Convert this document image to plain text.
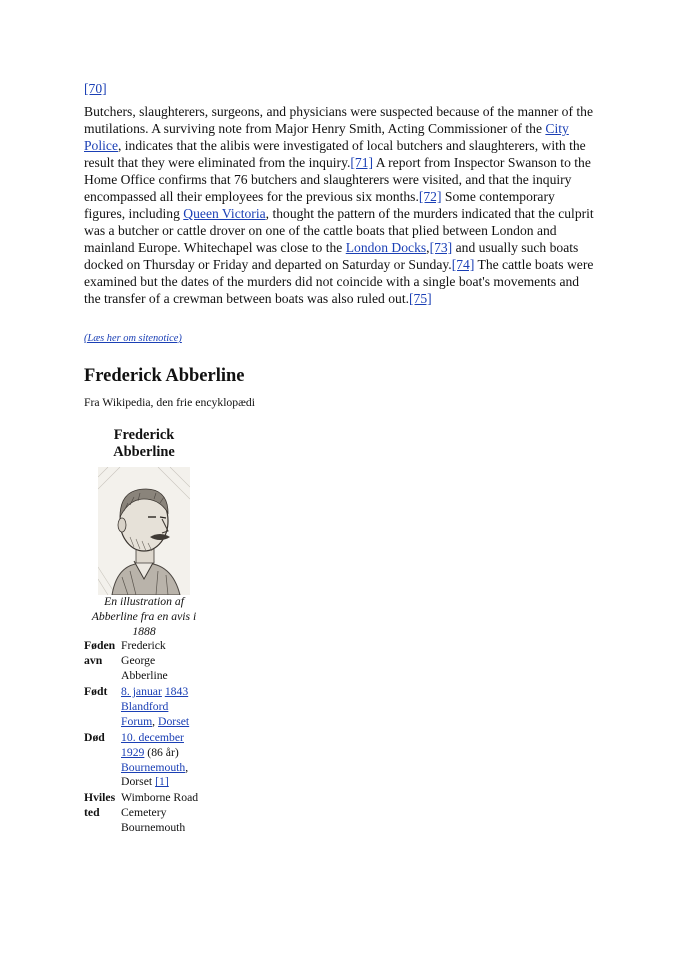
[70]

Butchers, slaughterers, surgeons, and physicians were suspected because of the manner of the mutilations. A surviving note from Major Henry Smith, Acting Commissioner of the City Police, indicates that the alibis were investigated of local butchers and slaughterers, with the result that they were eliminated from the inquiry.[71] A report from Inspector Swanson to the Home Office confirms that 76 butchers and slaughterers were visited, and that the inquiry encompassed all their employees for the previous six months.[72] Some contemporary figures, including Queen Victoria, thought the pattern of the murders indicated that the culprit was a butcher or cattle drover on one of the cattle boats that plied between London and mainland Europe. Whitechapel was close to the London Docks,[73] and usually such boats docked on Thursday or Friday and departed on Saturday or Sunday.[74] The cattle boats were examined but the dates of the murders did not coincide with a single boat's movements and the transfer of a crewman between boats was also ruled out.[75]

(Læs her om sitenotice)
Frederick Abberline
Fra Wikipedia, den frie encyklopædi
Frederick
Abberline
En illustration af Abberline fra en avis i 1888
Føden
avn
Frederick
George
Abberline
Født	8. januar 1843
Blandford
Forum, Dorset
Død	10. december
1929 (86 år)
Bournemouth,
Dorset [1]
Hviles
ted
Wimborne Road
Cemetery
Bournemouth
